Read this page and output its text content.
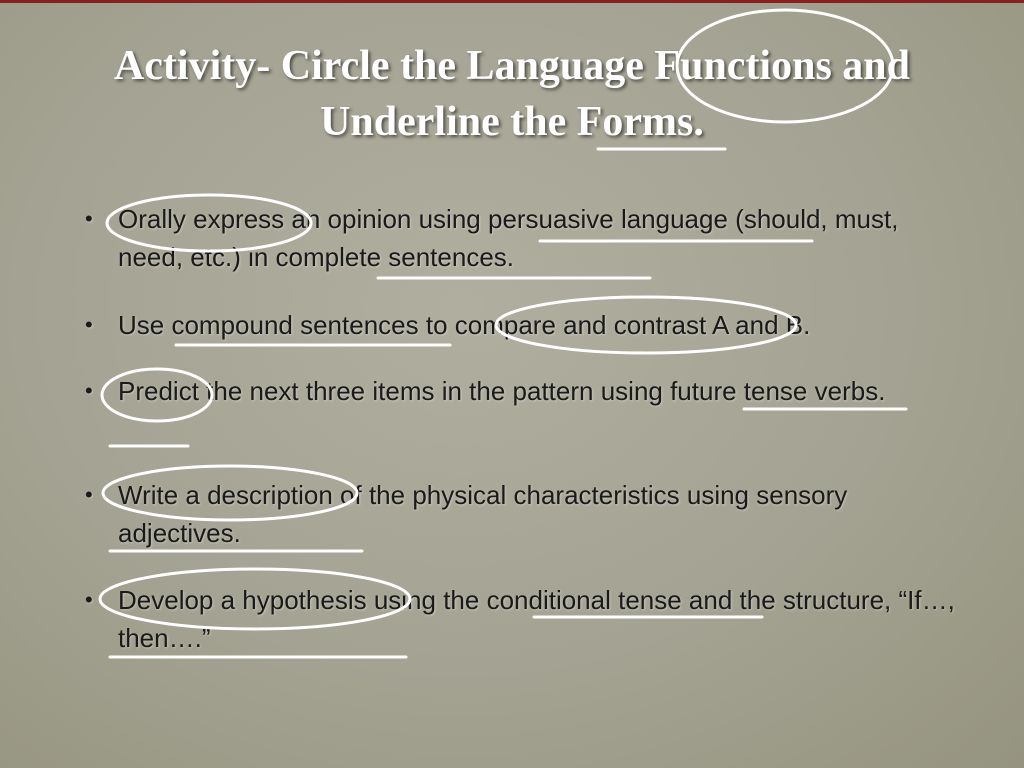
Activity- Circle the Language Functions and
Underline the Forms.
• Orally express an opinion using persuasive language (should, must, need, etc.) in complete sentences.
• Use compound sentences to compare and contrast A and B.
• Predict the next three items in the pattern using future tense verbs.
• Write a description of the physical characteristics using sensory adjectives.
• Develop a hypothesis using the conditional tense and the structure, “If…, then….”
